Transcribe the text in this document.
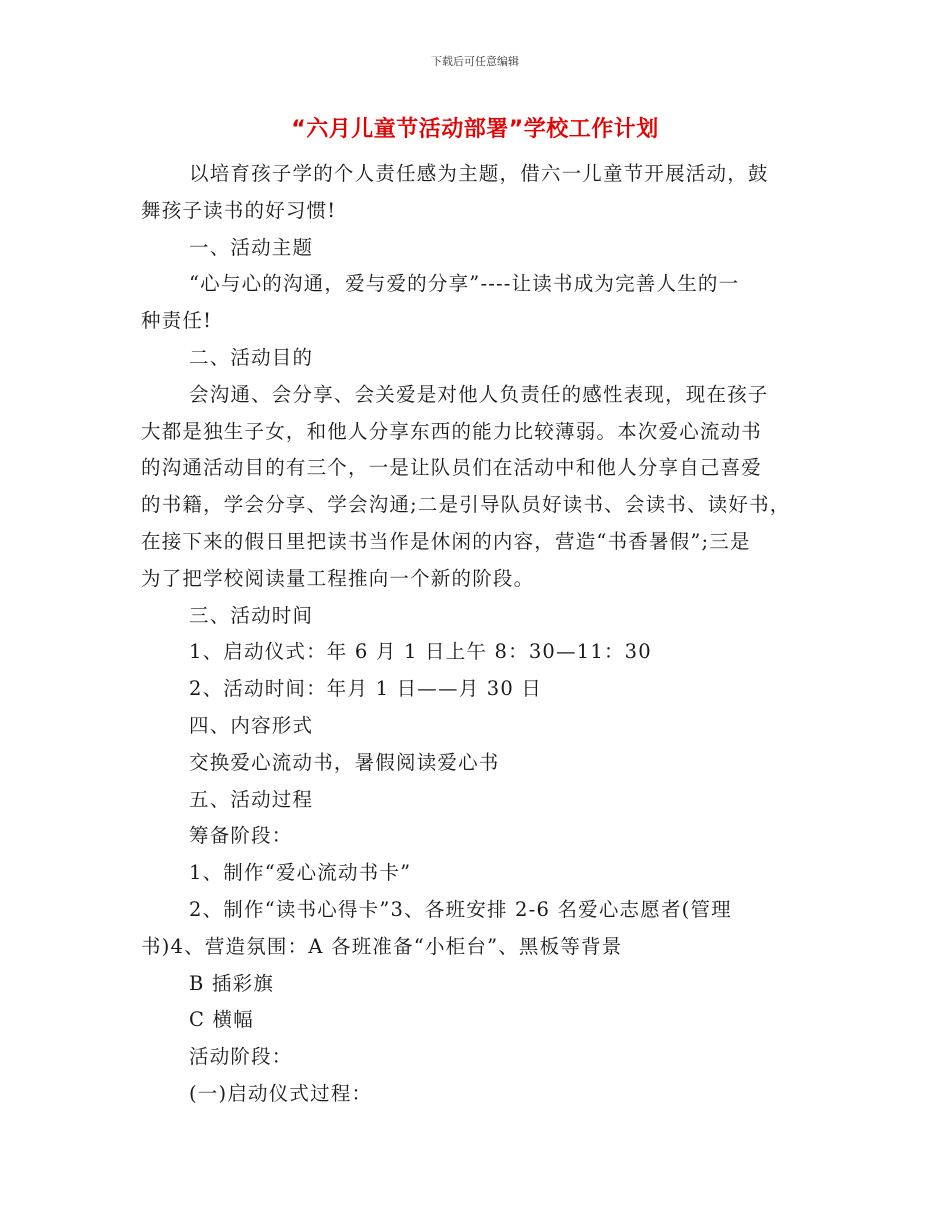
下载后可任意编辑
“六月儿童节活动部署”学校工作计划

以培育孩子学的个人责任感为主题，借六一儿童节开展活动，鼓

舞孩子读书的好习惯!

一、活动主题

“心与心的沟通，爱与爱的分享”----让读书成为完善人生的一

种责任!

二、活动目的

会沟通、会分享、会关爱是对他人负责任的感性表现，现在孩子

大都是独生子女，和他人分享东西的能力比较薄弱。本次爱心流动书

的沟通活动目的有三个，一是让队员们在活动中和他人分享自己喜爱

的书籍，学会分享、学会沟通;二是引导队员好读书、会读书、读好书，

在接下来的假日里把读书当作是休闲的内容，营造“书香暑假”;三是

为了把学校阅读量工程推向一个新的阶段。

三、活动时间

1、启动仪式：年 6 月 1 日上午 8：30—11：30

2、活动时间：年月 1 日——月 30 日

四、内容形式

交换爱心流动书，暑假阅读爱心书

五、活动过程

筹备阶段：

1、制作“爱心流动书卡”

2、制作“读书心得卡”3、各班安排 2-6 名爱心志愿者(管理

书)4、营造氛围：A 各班准备“小柜台”、黑板等背景

B 插彩旗

C 横幅

活动阶段：

(一)启动仪式过程：
